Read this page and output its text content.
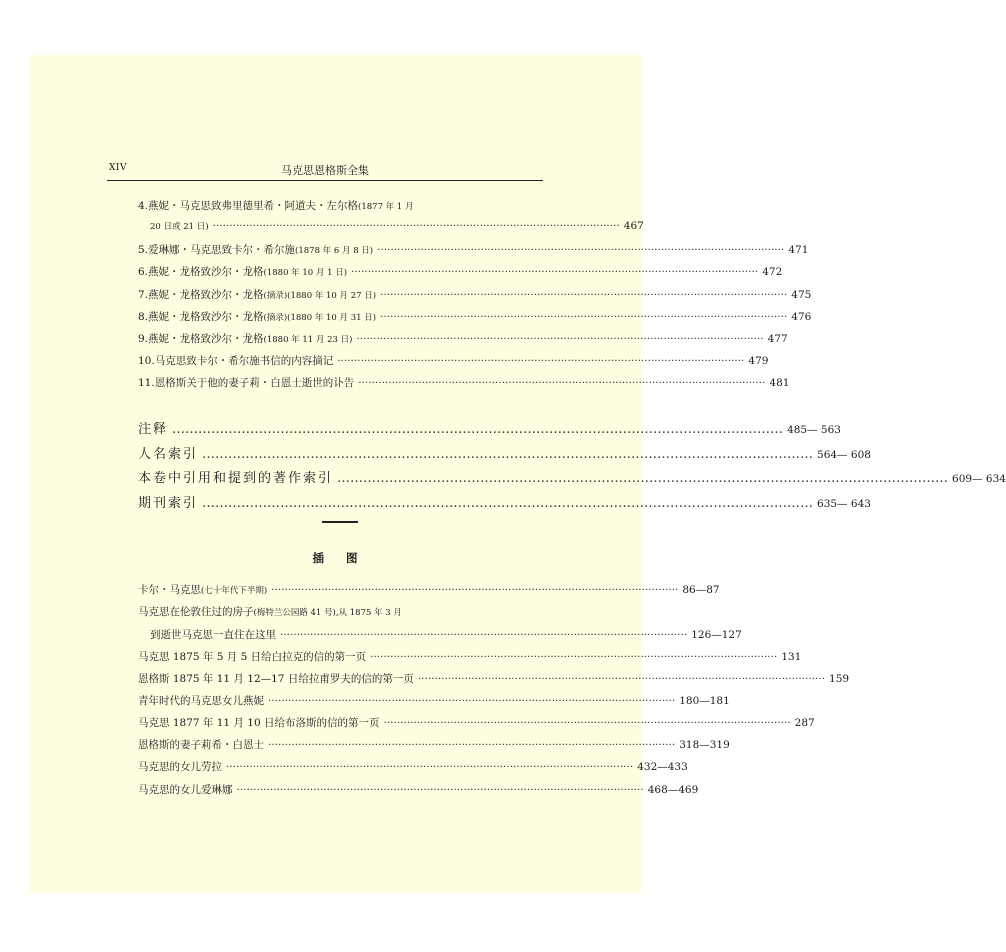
XIV	马克思恩格斯全集
4.燕妮・马克思致弗里德里希・阿道夫・左尔格(1877 年 1 月
20 日或 21 日) ·························································································································· 467
5.爱琳娜・马克思致卡尔・希尔施(1878 年 6 月 8 日) ·························································································································· 471
6.燕妮・龙格致沙尔・龙格(1880 年 10 月 1 日) ·························································································································· 472
7.燕妮・龙格致沙尔・龙格(摘录)(1880 年 10 月 27 日) ·························································································································· 475
8.燕妮・龙格致沙尔・龙格(摘录)(1880 年 10 月 31 日) ·························································································································· 476
9.燕妮・龙格致沙尔・龙格(1880 年 11 月 23 日) ·························································································································· 477
10.马克思致卡尔・希尔施书信的内容摘记 ·························································································································· 479
11.恩格斯关于他的妻子莉・白恩士逝世的讣告 ·························································································································· 481
注释 …………………………………………………………………………………………………………………………… 485— 563
人名索引 …………………………………………………………………………………………………………………………… 564— 608
本卷中引用和提到的著作索引 …………………………………………………………………………………………………………………………… 609— 634
期刊索引 …………………………………………………………………………………………………………………………… 635— 643
插图
卡尔・马克思(七十年代下半期) ·························································································································· 86—87
马克思在伦敦住过的房子(梅特兰公园路 41 号),从 1875 年 3 月
到逝世马克思一直住在这里 ·························································································································· 126—127
马克思 1875 年 5 月 5 日给白拉克的信的第一页 ·························································································································· 131
恩格斯 1875 年 11 月 12—17 日给拉甫罗夫的信的第一页 ·························································································································· 159
青年时代的马克思女儿燕妮 ·························································································································· 180—181
马克思 1877 年 11 月 10 日给布洛斯的信的第一页 ·························································································································· 287
恩格斯的妻子莉希・白恩士 ·························································································································· 318—319
马克思的女儿劳拉 ·························································································································· 432—433
马克思的女儿爱琳娜 ·························································································································· 468—469
